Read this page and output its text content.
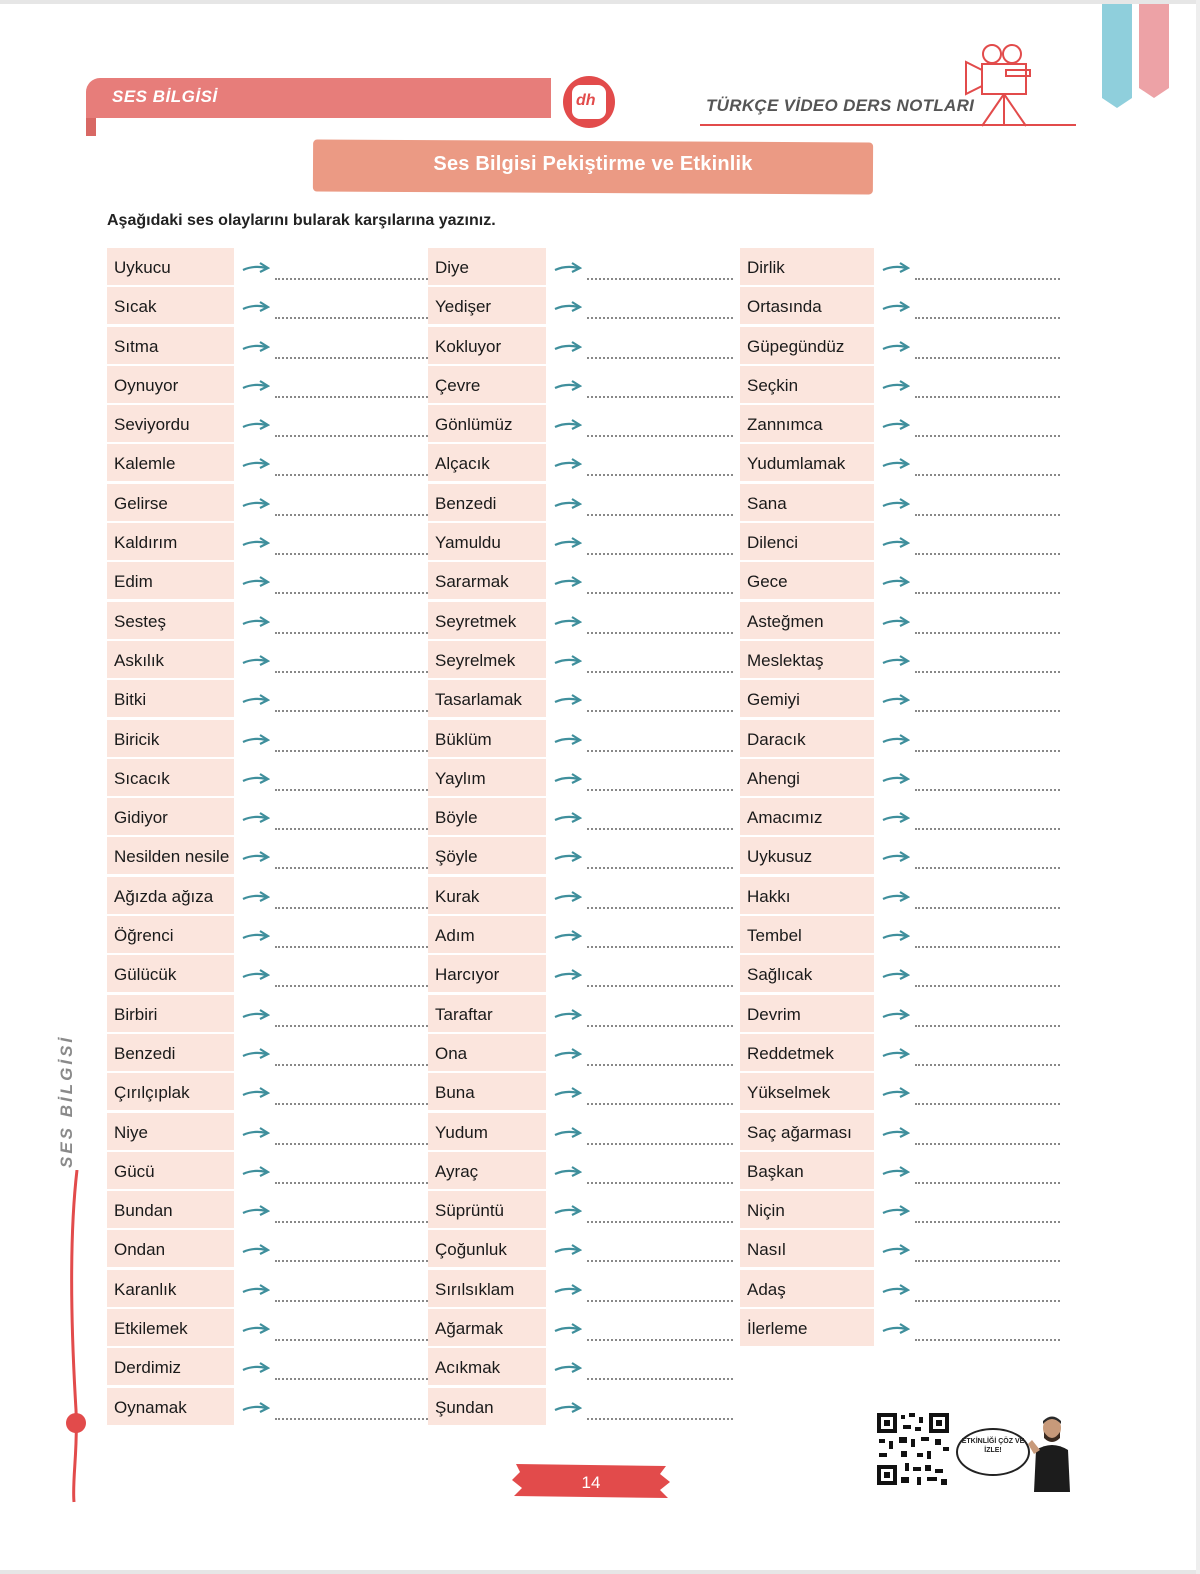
SES BİLGİSİ	dh	TÜRKÇE VİDEO DERS NOTLARI
Ses Bilgisi Pekiştirme ve Etkinlik
Aşağıdaki ses olaylarını bularak karşılarına yazınız.
Uykucu
Sıcak
Sıtma
Oynuyor
Seviyordu
Kalemle
Gelirse
Kaldırım
Edim
Sesteş
Askılık
Bitki
Biricik
Sıcacık
Gidiyor
Nesilden nesile
Ağızda ağıza
Öğrenci
Gülücük
Birbiri
Benzedi
Çırılçıplak
Niye
Gücü
Bundan
Ondan
Karanlık
Etkilemek
Derdimiz
Oynamak
Diye
Yedişer
Kokluyor
Çevre
Gönlümüz
Alçacık
Benzedi
Yamuldu
Sararmak
Seyretmek
Seyrelmek
Tasarlamak
Büklüm
Yaylım
Böyle
Şöyle
Kurak
Adım
Harcıyor
Taraftar
Ona
Buna
Yudum
Ayraç
Süprüntü
Çoğunluk
Sırılsıklam
Ağarmak
Acıkmak
Şundan
Dirlik
Ortasında
Güpegündüz
Seçkin
Zannımca
Yudumlamak
Sana
Dilenci
Gece
Asteğmen
Meslektaş
Gemiyi
Daracık
Ahengi
Amacımız
Uykusuz
Hakkı
Tembel
Sağlıcak
Devrim
Reddetmek
Yükselmek
Saç ağarması
Başkan
Niçin
Nasıl
Adaş
İlerleme
SES BİLGİSİ
14
ETKİNLİĞİ ÇÖZ VE İZLE!
